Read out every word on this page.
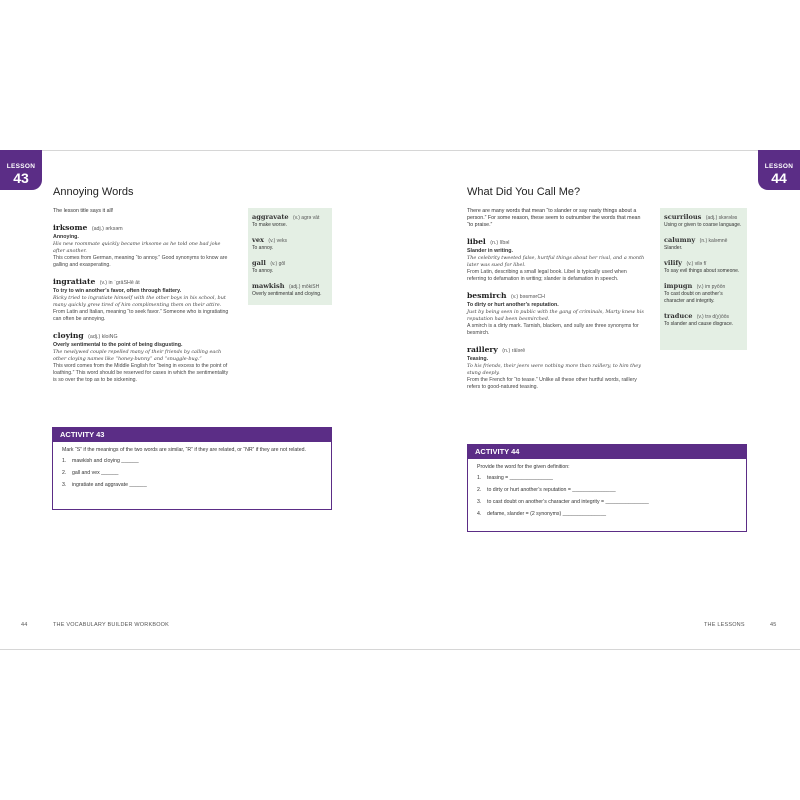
LESSON
43
Annoying Words
The lesson title says it all!
irksome (adj.) ərksəm
Annoying.
His new roommate quickly became irksome as he told one bad joke after another.
This comes from German, meaning “to annoy.” Good synonyms to know are galling and exasperating.
ingratiate (v.) in ˈgrāSHē āt
To try to win another’s favor, often through flattery.
Ricky tried to ingratiate himself with the other boys in his school, but many quickly grew tired of him complimenting them on their attire.
From Latin and Italian, meaning “to seek favor.” Someone who is ingratiating can often be annoying.
cloying (adj.) kloiNG
Overly sentimental to the point of being disgusting.
The newlywed couple repelled many of their friends by calling each other cloying names like “honey-bunny” and “snuggle-bug.”
This word comes from the Middle English for “being in excess to the point of loathing.” This word should be reserved for cases in which the sentimentality is so over the top as to be sickening.
aggravate (v.) agrə vāt
To make worse.
vex (v.) veks
To annoy.
gall (v.) gôl
To annoy.
mawkish (adj.) môkiSH
Overly sentimental and cloying.
ACTIVITY 43
Mark “S” if the meanings of the two words are similar, “R” if they are related, or “NR” if they are not related.
1. mawkish and cloying ______
2. gall and vex ______
3. ingratiate and aggravate ______
44	THE VOCABULARY BUILDER WORKBOOK
LESSON
44
What Did You Call Me?
There are many words that mean “to slander or say nasty things about a person.” For some reason, these seem to outnumber the words that mean “to praise.”
libel (n.) lībəl
Slander in writing.
The celebrity tweeted false, hurtful things about her rival, and a month later was sued for libel.
From Latin, describing a small legal book. Libel is typically used when referring to defamation in writing; slander is defamation in speech.
besmirch (v.) bəsmərCH
To dirty or hurt another’s reputation.
Just by being seen in public with the gang of criminals, Marty knew his reputation had been besmirched.
A smirch is a dirty mark. Tarnish, blacken, and sully are three synonyms for besmirch.
raillery (n.) rālərē
Teasing.
To his friends, their jeers were nothing more than raillery, to him they stung deeply.
From the French for “to tease.” Unlike all these other hurtful words, raillery refers to good-natured teasing.
scurrilous (adj.) skərələs
Using or given to coarse language.
calumny (n.) kaləmnē
Slander.
vilify (v.) vilə fī
To say evil things about someone.
impugn (v.) im pyōōn
To cast doubt on another’s character and integrity.
traduce (v.) trə d(y)ōōs
To slander and cause disgrace.
ACTIVITY 44
Provide the word for the given definition:
1. teasing = _______________
2. to dirty or hurt another’s reputation = _______________
3. to cast doubt on another’s character and integrity = _______________
4. defame, slander = (2 synonyms) _______________
THE LESSONS	45
